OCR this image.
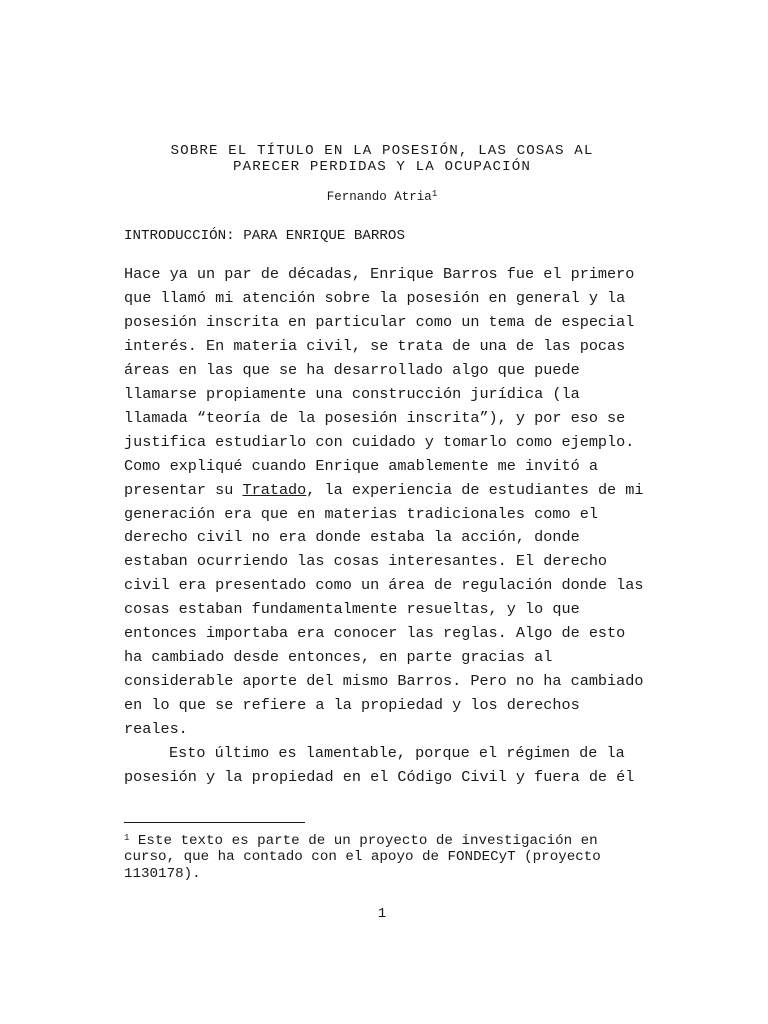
SOBRE EL TÍTULO EN LA POSESIÓN, LAS COSAS AL
PARECER PERDIDAS Y LA OCUPACIÓN
Fernando Atria$^1$
INTRODUCCIÓN: PARA ENRIQUE BARROS
Hace ya un par de décadas, Enrique Barros fue el primero
que llamó mi atención sobre la posesión en general y la
posesión inscrita en particular como un tema de especial
interés. En materia civil, se trata de una de las pocas
áreas en las que se ha desarrollado algo que puede
llamarse propiamente una construcción jurídica (la
llamada “teoría de la posesión inscrita”), y por eso se
justifica estudiarlo con cuidado y tomarlo como ejemplo.
Como expliqué cuando Enrique amablemente me invitó a
presentar su Tratado, la experiencia de estudiantes de mi
generación era que en materias tradicionales como el
derecho civil no era donde estaba la acción, donde
estaban ocurriendo las cosas interesantes. El derecho
civil era presentado como un área de regulación donde las
cosas estaban fundamentalmente resueltas, y lo que
entonces importaba era conocer las reglas. Algo de esto
ha cambiado desde entonces, en parte gracias al
considerable aporte del mismo Barros. Pero no ha cambiado
en lo que se refiere a la propiedad y los derechos
reales.
Esto último es lamentable, porque el régimen de la
posesión y la propiedad en el Código Civil y fuera de él
$^1$ Este texto es parte de un proyecto de investigación en
curso, que ha contado con el apoyo de FONDECyT (proyecto
1130178).
1
